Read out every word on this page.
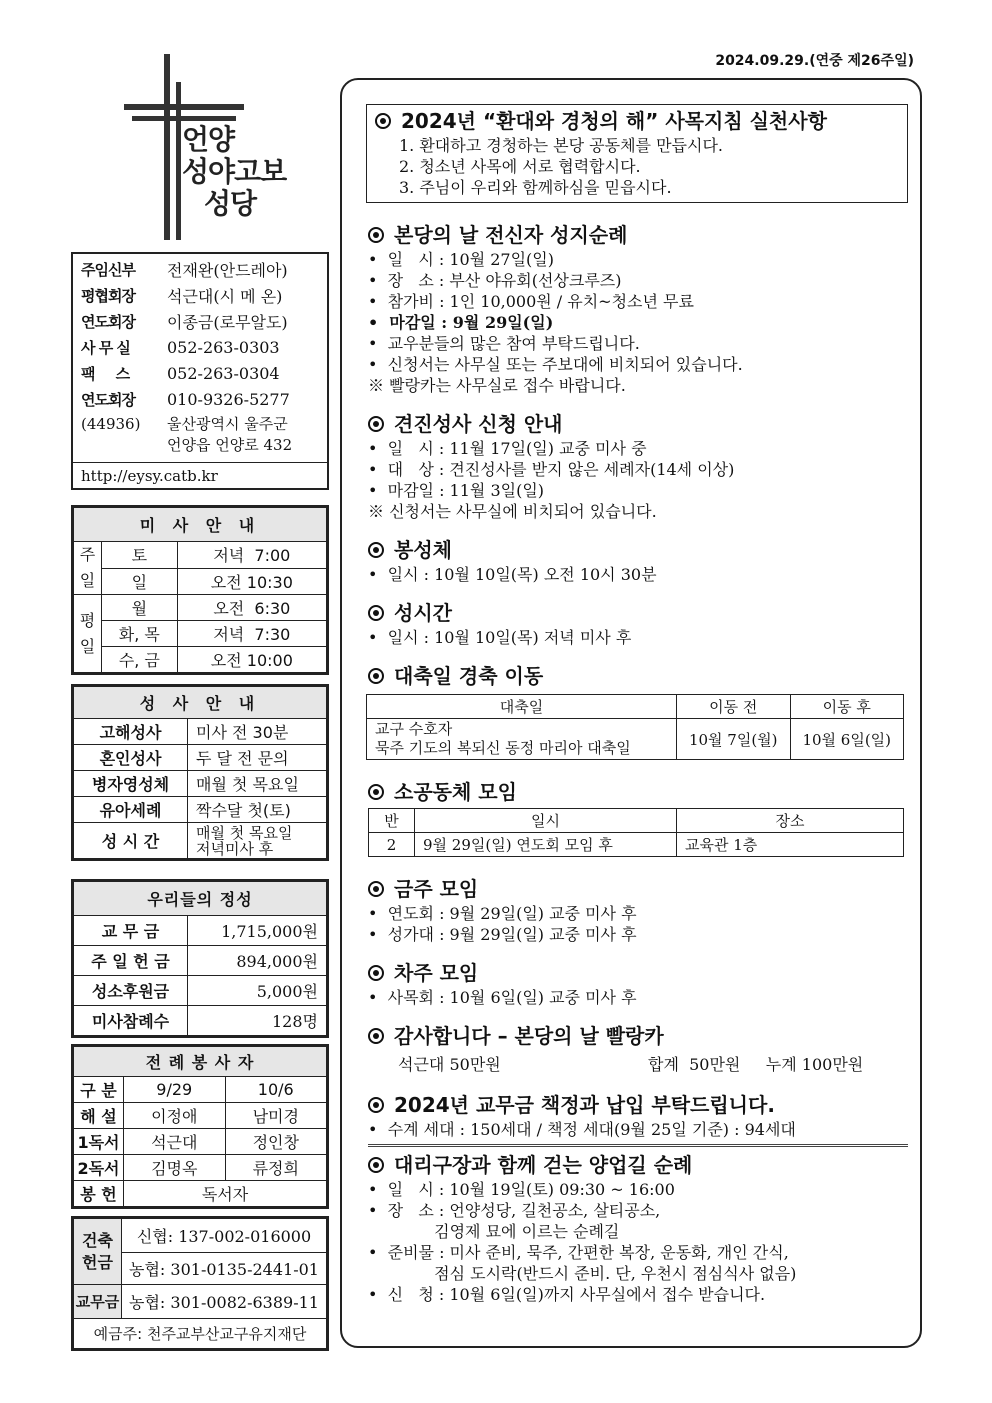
2024.09.29.(연중 제26주일)
언양
성야고보
성당
주임신부	전재완(안드레아)
평협회장	석근대(시 메 온)
연도회장	이종금(로무알도)
사 무 실	052-263-0303
팩     스	052-263-0304
연도회장	010-9326-5277
(44936)	울산광역시 울주군
언양읍 언양로 432
http://eysy.catb.kr
미 사 안 내		
주일	토	저녁  7:00
	일	오전 10:30
평일	월	오전  6:30
	화, 목	저녁  7:30
	수, 금	오전 10:00
성 사 안 내	
고해성사	미사 전 30분
혼인성사	두 달 전 문의
병자영성체	매월 첫 목요일
유아세례	짝수달 첫(토)
성 시 간	매월 첫 목요일
저녁미사 후
우리들의 정성	
교 무 금	1,715,000원
주 일 헌 금	894,000원
성소후원금	5,000원
미사참례수	128명
전 례 봉 사 자		
구 분	9/29	10/6
해 설	이정애	남미경
1독서	석근대	정인창
2독서	김명옥	류정희
봉 헌	독서자	
건축헌금	신협: 137-002-016000
	농협: 301-0135-2441-01
교무금	농협: 301-0082-6389-11
예금주: 천주교부산교구유지재단	
2024년 “환대와 경청의 해” 사목지침 실천사항
1. 환대하고 경청하는 본당 공동체를 만듭시다.
2. 청소년 사목에 서로 협력합시다.
3. 주님이 우리와 함께하심을 믿읍시다.
본당의 날 전신자 성지순례
•  일   시 : 10월 27일(일)
•  장   소 : 부산 야유회(선상크루즈)
•  참가비 : 1인 10,000원 / 유치~청소년 무료
•  마감일 : 9월 29일(일)
•  교우분들의 많은 참여 부탁드립니다.
•  신청서는 사무실 또는 주보대에 비치되어 있습니다.
※ 빨랑카는 사무실로 접수 바랍니다.
견진성사 신청 안내
•  일   시 : 11월 17일(일) 교중 미사 중
•  대   상 : 견진성사를 받지 않은 세례자(14세 이상)
•  마감일 : 11월 3일(일)
※ 신청서는 사무실에 비치되어 있습니다.
봉성체
•  일시 : 10월 10일(목) 오전 10시 30분
성시간
•  일시 : 10월 10일(목) 저녁 미사 후
대축일 경축 이동
대축일	이동 전	이동 후

교구 수호자
묵주 기도의 복되신 동정 마리아 대축일	10월 7일(월)	10월 6일(일)
소공동체 모임
반	일시	장소
2	9월 29일(일) 연도회 모임 후	교육관 1층
금주 모임
•  연도회 : 9월 29일(일) 교중 미사 후
•  성가대 : 9월 29일(일) 교중 미사 후
차주 모임
•  사목회 : 10월 6일(일) 교중 미사 후
감사합니다 – 본당의 날 빨랑카
석근대 50만원	합계  50만원     누계 100만원
2024년 교무금 책정과 납입 부탁드립니다.
•  수계 세대 : 150세대 / 책정 세대(9월 25일 기준) : 94세대
대리구장과 함께 걷는 양업길 순례
•  일   시 : 10월 19일(토) 09:30 ~ 16:00
•  장   소 : 언양성당, 길천공소, 살티공소,
김영제 묘에 이르는 순례길
•  준비물 : 미사 준비, 묵주, 간편한 복장, 운동화, 개인 간식,
점심 도시락(반드시 준비. 단, 우천시 점심식사 없음)
•  신   청 : 10월 6일(일)까지 사무실에서 접수 받습니다.
